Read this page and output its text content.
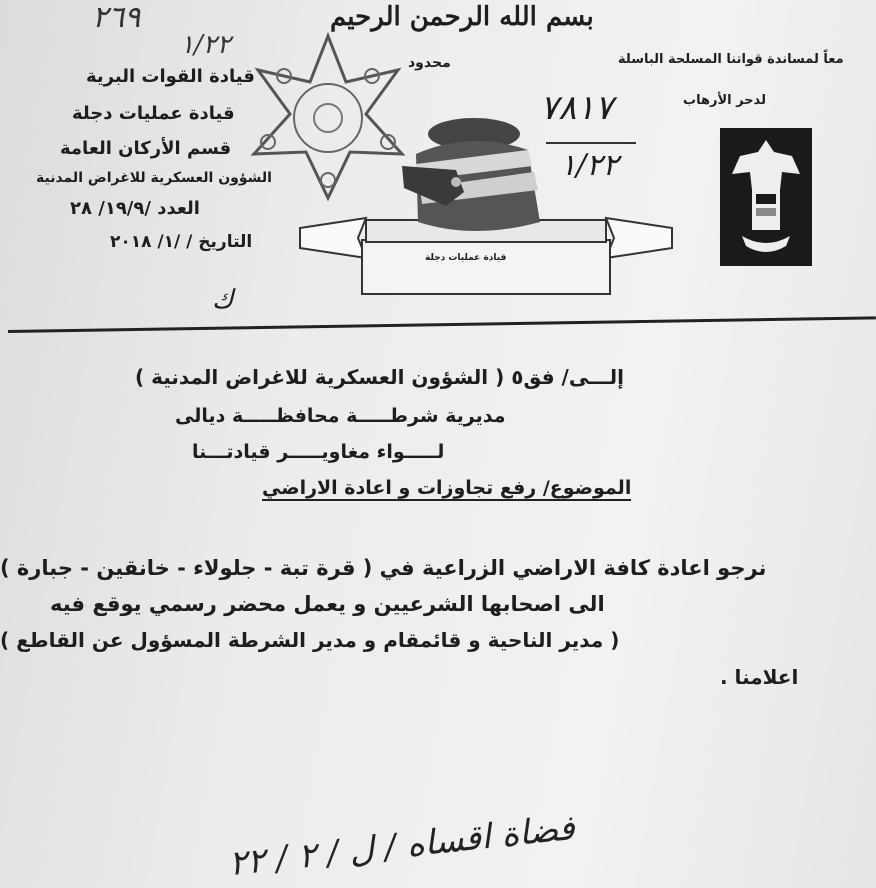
بسم الله الرحمن الرحيم
٢٦٩
١/٢٢
محدود	معاً لمساندة قواتنا المسلحة الباسلة
لدحر الأرهاب
قيادة القوات البرية
قيادة عمليات دجلة
قسم الأركان العامة
الشؤون العسكرية للاغراض المدنية
العدد /١٩/٩/ ٢٨
التاريخ / /١/ ٢٠١٨
ك
٧٨١٧
١/٢٢
قيادة عمليات دجلة
إلـــى/ فق٥ ( الشؤون العسكرية للاغراض المدنية )
مديرية شرطـــــة محافظـــــة ديالى
لـــــواء مغاويـــــر قيادتـــنا
الموضوع/ رفع تجاوزات و اعادة الاراضي
نرجو اعادة كافة الاراضي الزراعية في ( قرة تبة - جلولاء - خانقين - جبارة )
الى اصحابها الشرعيين و يعمل محضر رسمي يوقع فيه
( مدير الناحية و قائمقام و مدير الشرطة المسؤول عن القاطع )
اعلامنا .
فضاة اقساه / ل / ٢ / ٢٢
